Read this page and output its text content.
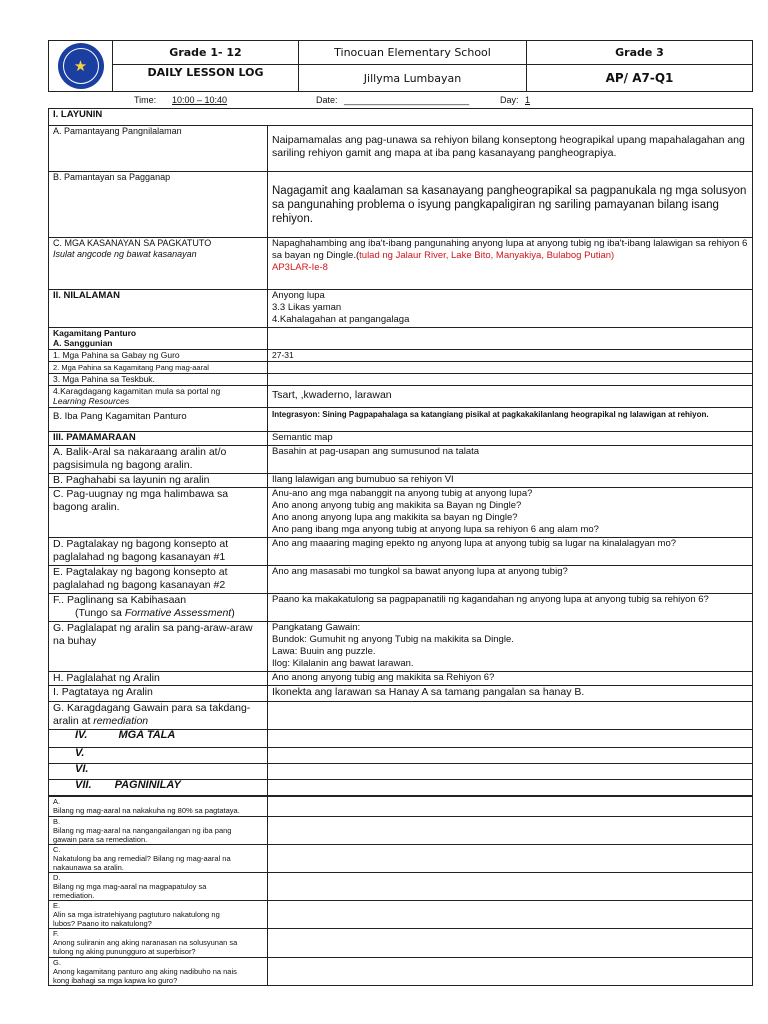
★	Grade 1- 12	Tinocuan Elementary School	Grade 3
	DAILY LESSON LOG	Jillyma Lumbayan	AP/ A7-Q1
Time: 10:00 – 10:40	Date: _________________________	Day: 1
I. LAYUNIN	
A. Pamantayang Pangnilalaman	Naipamamalas ang pag-unawa sa rehiyon bilang konseptong heograpikal upang mapahalagahan ang sariling rehiyon gamit ang mapa at iba pang kasanayang pangheograpiya.
B. Pamantayan sa Pagganap	Nagagamit ang kaalaman sa kasanayang pangheograpikal sa pagpanukala ng mga solusyon sa pangunahing problema o isyung pangkapaligiran ng sariling pamayanan bilang isang rehiyon.

C. MGA KASANAYAN SA PAGKATUTO
Isulat angcode ng bawat kasanayan	Napaghahambing ang iba't-ibang pangunahing anyong lupa at anyong tubig ng iba't-ibang lalawigan sa rehiyon 6 sa bayan ng Dingle.(tulad ng Jalaur River, Lake Bito, Manyakiya, Bulabog Putian)
AP3LAR-Ie-8

II. NILALAMAN	Anyong lupa
3.3 Likas yaman
4.Kahalagahan at pangangalaga

Kagamitang Panturo
A. Sanggunian	

1. Mga Pahina sa Gabay ng Guro	27-31
2. Mga Pahina sa Kagamitang Pang mag-aaral	
3. Mga Pahina sa Teskbuk.	

4.Karagdagang kagamitan mula sa portal ng
Learning Resources	Tsart, ,kwaderno, larawan
B. Iba Pang Kagamitan Panturo	Integrasyon: Sining Pagpapahalaga sa katangiang pisikal at pagkakakilanlang heograpikal ng lalawigan at rehiyon.
III. PAMAMARAAN	Semantic map
A. Balik-Aral sa nakaraang aralin at/o pagsisimula ng bagong aralin.	Basahin at pag-usapan ang sumusunod na talata
B. Paghahabi sa layunin ng aralin	Ilang lalawigan ang bumubuo sa rehiyon VI
C. Pag-uugnay ng mga halimbawa sa bagong aralin.	Anu-ano ang mga nabanggit na anyong tubig at anyong lupa?
Ano anong anyong tubig ang makikita sa Bayan ng Dingle?
Ano anong anyong lupa ang makikita sa bayan ng Dingle?
Ano pang ibang mga anyong tubig at anyong lupa sa rehiyon 6 ang alam mo?

D. Pagtalakay ng bagong konsepto at paglalahad ng bagong kasanayan #1	Ano ang maaaring maging epekto ng anyong lupa at anyong tubig sa lugar na kinalalagyan mo?
E. Pagtalakay ng bagong konsepto at paglalahad ng bagong kasanayan #2	Ano ang masasabi mo tungkol sa bawat anyong lupa at anyong tubig?

F.. Paglinang sa Kabihasaan
(Tungo sa Formative Assessment)	Paano ka makakatulong sa pagpapanatili ng kagandahan ng anyong lupa at anyong tubig sa rehiyon 6?
G. Paglalapat ng aralin sa pang-araw-araw na buhay	Pangkatang Gawain:
Bundok: Gumuhit ng anyong Tubig na makikita sa Dingle.
Lawa: Buuin ang puzzle.
Ilog: Kilalanin ang bawat larawan.

H. Paglalahat ng Aralin	Ano anong anyong tubig ang makikita sa Rehiyon 6?
I. Pagtataya ng Aralin	Ikonekta ang larawan sa Hanay A sa tamang pangalan sa hanay B.
G. Karagdagang Gawain para sa takdang-aralin at remediation	
IV. MGA TALA	
V.	
VI.	
VII. PAGNINILAY	
A.Bilang ng mag-aaral na nakakuha ng 80% sa pagtataya.	
B.Bilang ng mag-aaral na nangangailangan ng iba pang gawain para sa remediation.	
C.Nakatulong ba ang remedial? Bilang ng mag-aaral na nakaunawa sa aralin.	
D.Bilang ng mga mag-aaral na magpapatuloy sa remediation.	
E.Alin sa mga istratehiyang pagtuturo nakatulong ng lubos? Paano ito nakatulong?	
F.Anong suliranin ang aking naranasan na solusyunan sa tulong ng aking punungguro at superbisor?	
G.Anong kagamitang panturo ang aking nadibuho na nais kong ibahagi sa mga kapwa ko guro?	
